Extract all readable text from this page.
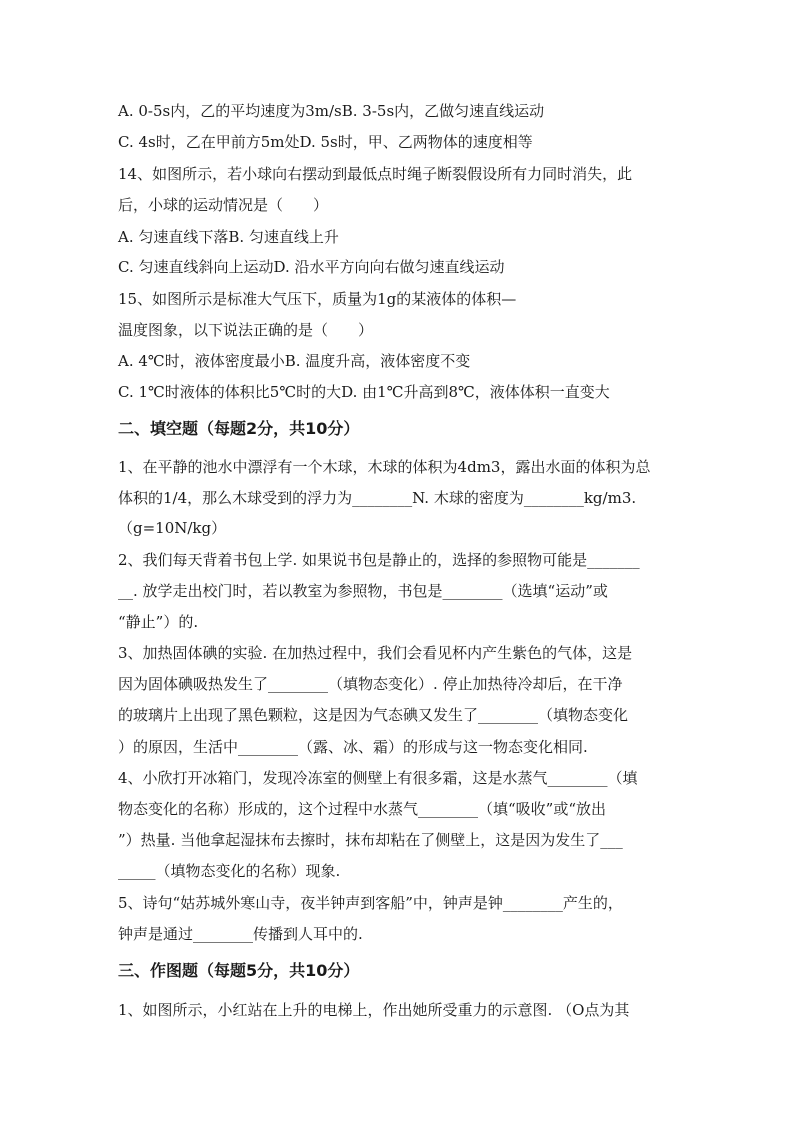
A. 0-5s内，乙的平均速度为3m/sB. 3-5s内，乙做匀速直线运动
C. 4s时，乙在甲前方5m处D. 5s时，甲、乙两物体的速度相等
14、如图所示，若小球向右摆动到最低点时绳子断裂假设所有力同时消失，此
后，小球的运动情况是（　　）
A. 匀速直线下落B. 匀速直线上升
C. 匀速直线斜向上运动D. 沿水平方向向右做匀速直线运动
15、如图所示是标准大气压下，质量为1g的某液体的体积—
温度图象，以下说法正确的是（　　）
A. 4℃时，液体密度最小B. 温度升高，液体密度不变
C. 1℃时液体的体积比5℃时的大D. 由1℃升高到8℃，液体体积一直变大
二、填空题（每题2分，共10分）
1、在平静的池水中漂浮有一个木球，木球的体积为4dm3，露出水面的体积为总
体积的1/4，那么木球受到的浮力为________N. 木球的密度为________kg/m3.
（g=10N/kg）
2、我们每天背着书包上学. 如果说书包是静止的，选择的参照物可能是_______
__. 放学走出校门时，若以教室为参照物，书包是________（选填“运动”或
“静止”）的.
3、加热固体碘的实验. 在加热过程中，我们会看见杯内产生紫色的气体，这是
因为固体碘吸热发生了________（填物态变化）. 停止加热待冷却后，在干净
的玻璃片上出现了黑色颗粒，这是因为气态碘又发生了________（填物态变化
）的原因，生活中________（露、冰、霜）的形成与这一物态变化相同.
4、小欣打开冰箱门，发现冷冻室的侧壁上有很多霜，这是水蒸气________（填
物态变化的名称）形成的，这个过程中水蒸气________（填“吸收”或“放出
”）热量. 当他拿起湿抹布去擦时，抹布却粘在了侧壁上，这是因为发生了___
_____（填物态变化的名称）现象.
5、诗句“姑苏城外寒山寺，夜半钟声到客船”中，钟声是钟________产生的，
钟声是通过________传播到人耳中的.
三、作图题（每题5分，共10分）
1、如图所示，小红站在上升的电梯上，作出她所受重力的示意图. （O点为其
